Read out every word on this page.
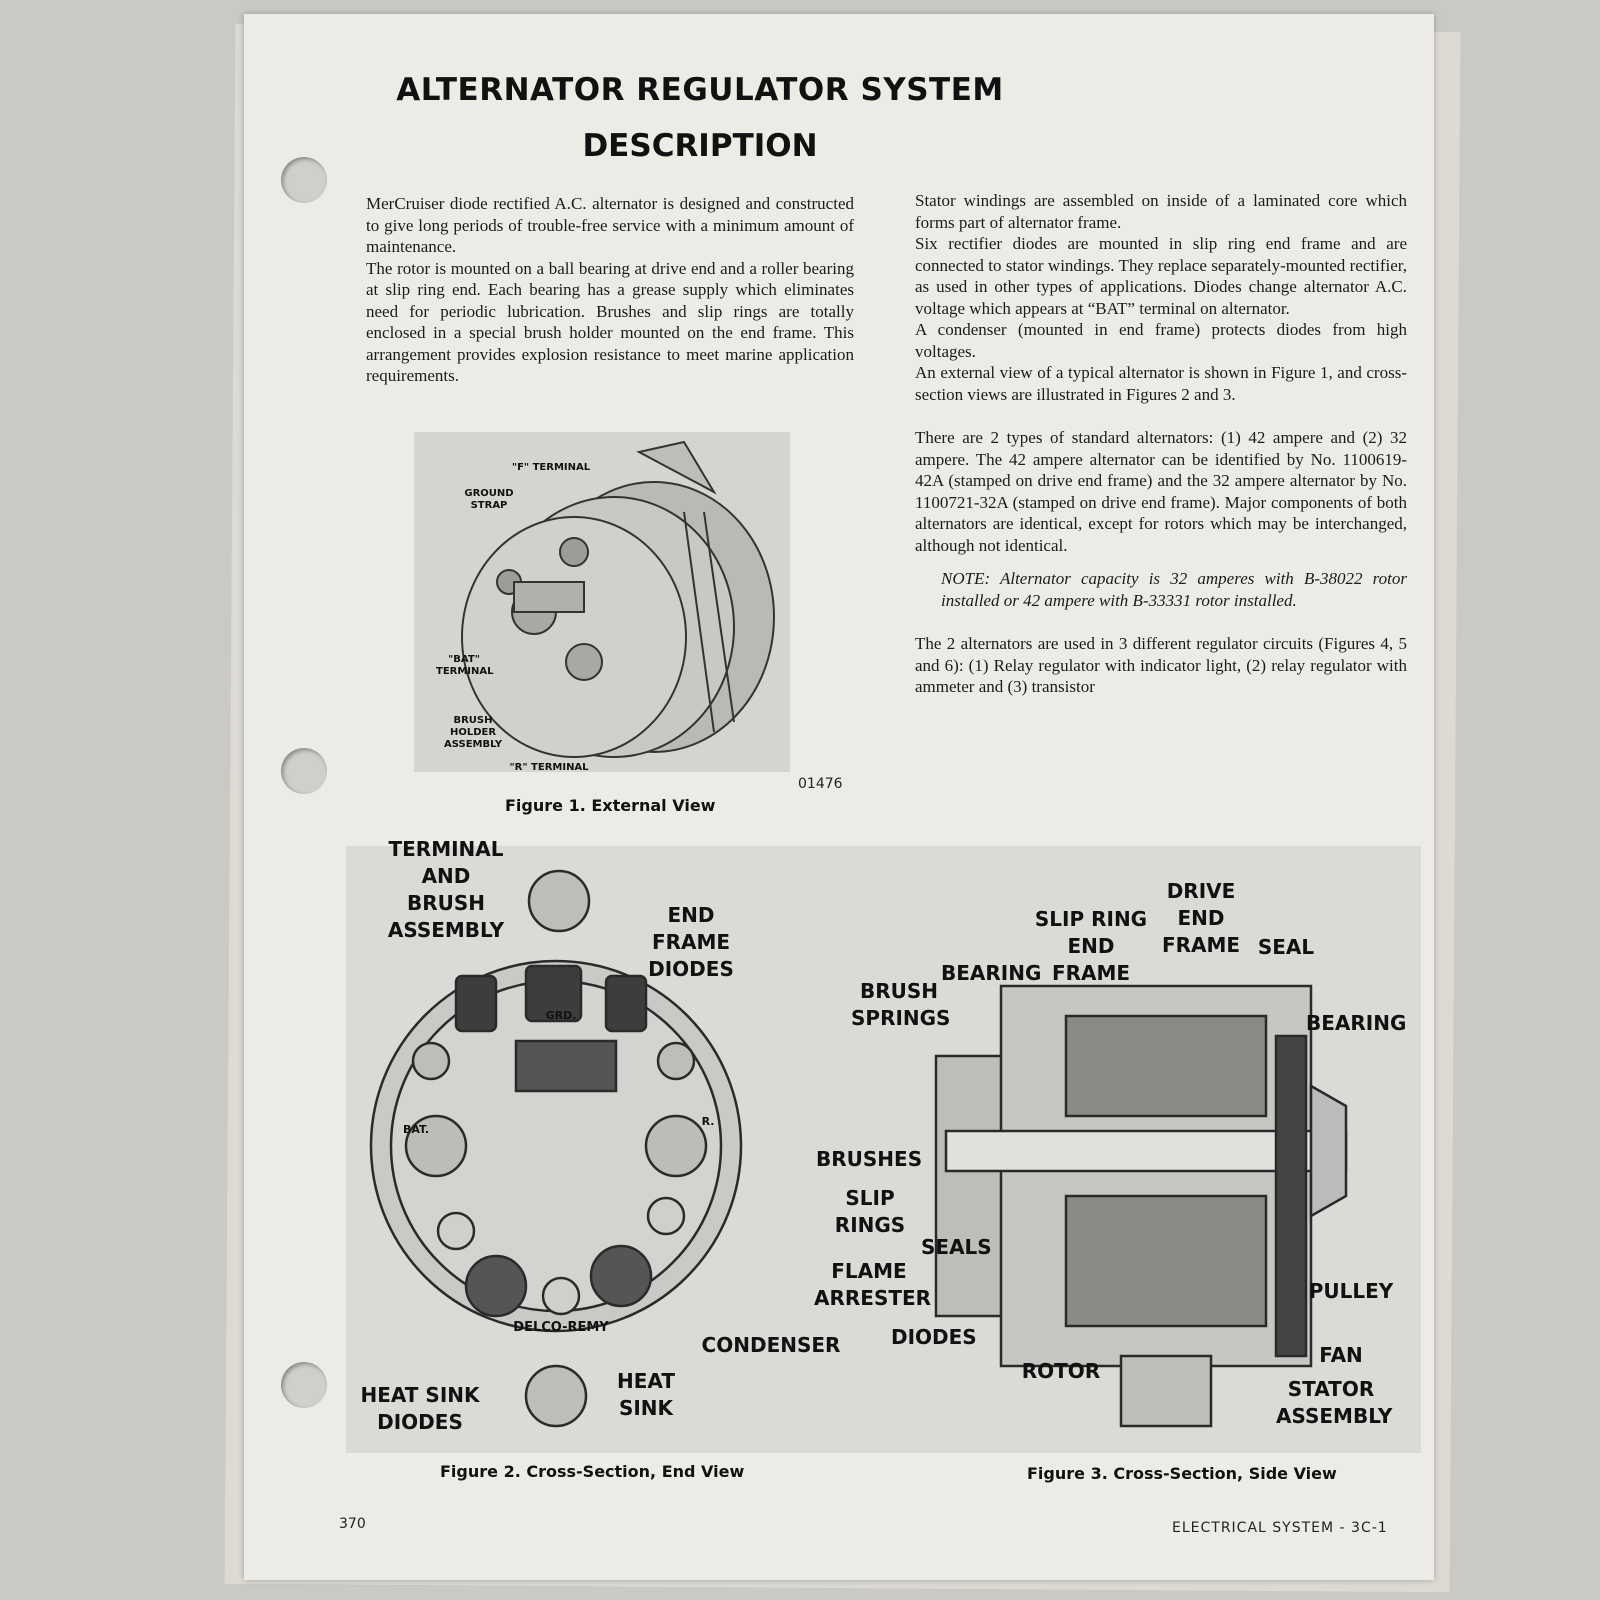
ALTERNATOR REGULATOR SYSTEM
DESCRIPTION

MerCruiser diode rectified A.C. alternator is designed and constructed to give long periods of trouble-free service with a minimum amount of maintenance.

The rotor is mounted on a ball bearing at drive end and a roller bearing at slip ring end. Each bearing has a grease supply which eliminates need for periodic lubrication. Brushes and slip rings are totally enclosed in a special brush holder mounted on the end frame. This arrangement provides explosion resistance to meet marine application requirements.

Stator windings are assembled on inside of a laminated core which forms part of alternator frame.

Six rectifier diodes are mounted in slip ring end frame and are connected to stator windings. They replace separately-mounted rectifier, as used in other types of applications. Diodes change alternator A.C. voltage which appears at “BAT” terminal on alternator.

A condenser (mounted in end frame) protects diodes from high voltages.

An external view of a typical alternator is shown in Figure 1, and cross-section views are illustrated in Figures 2 and 3.

There are 2 types of standard alternators: (1) 42 ampere and (2) 32 ampere. The 42 ampere alternator can be identified by No. 1100619-42A (stamped on drive end frame) and the 32 ampere alternator by No. 1100721-32A (stamped on drive end frame). Major components of both alternators are identical, except for rotors which may be interchanged, although not identical.

NOTE: Alternator capacity is 32 amperes with B-38022 rotor installed or 42 ampere with B-33331 rotor installed.

The 2 alternators are used in 3 different regulator circuits (Figures 4, 5 and 6): (1) Relay regulator with indicator light, (2) relay regulator with ammeter and (3) transistor

"F" TERMINAL
GROUND STRAP
"BAT" TERMINAL
BRUSH HOLDER ASSEMBLY
"R" TERMINAL
01476
Figure 1. External View
TERMINAL AND BRUSH ASSEMBLY
END FRAME DIODES
HEAT SINK DIODES
HEAT SINK
CONDENSER
GRD.
BAT.
R.
DELCO-REMY
SLIP RING END FRAME
DRIVE END FRAME SEAL
BEARING
BEARING
BRUSH SPRINGS
BRUSHES
SLIP RINGS
SEALS
FLAME ARRESTER
DIODES
ROTOR
PULLEY
FAN
STATOR ASSEMBLY
Figure 2. Cross-Section, End View	Figure 3. Cross-Section, Side View
370	ELECTRICAL SYSTEM - 3C-1
